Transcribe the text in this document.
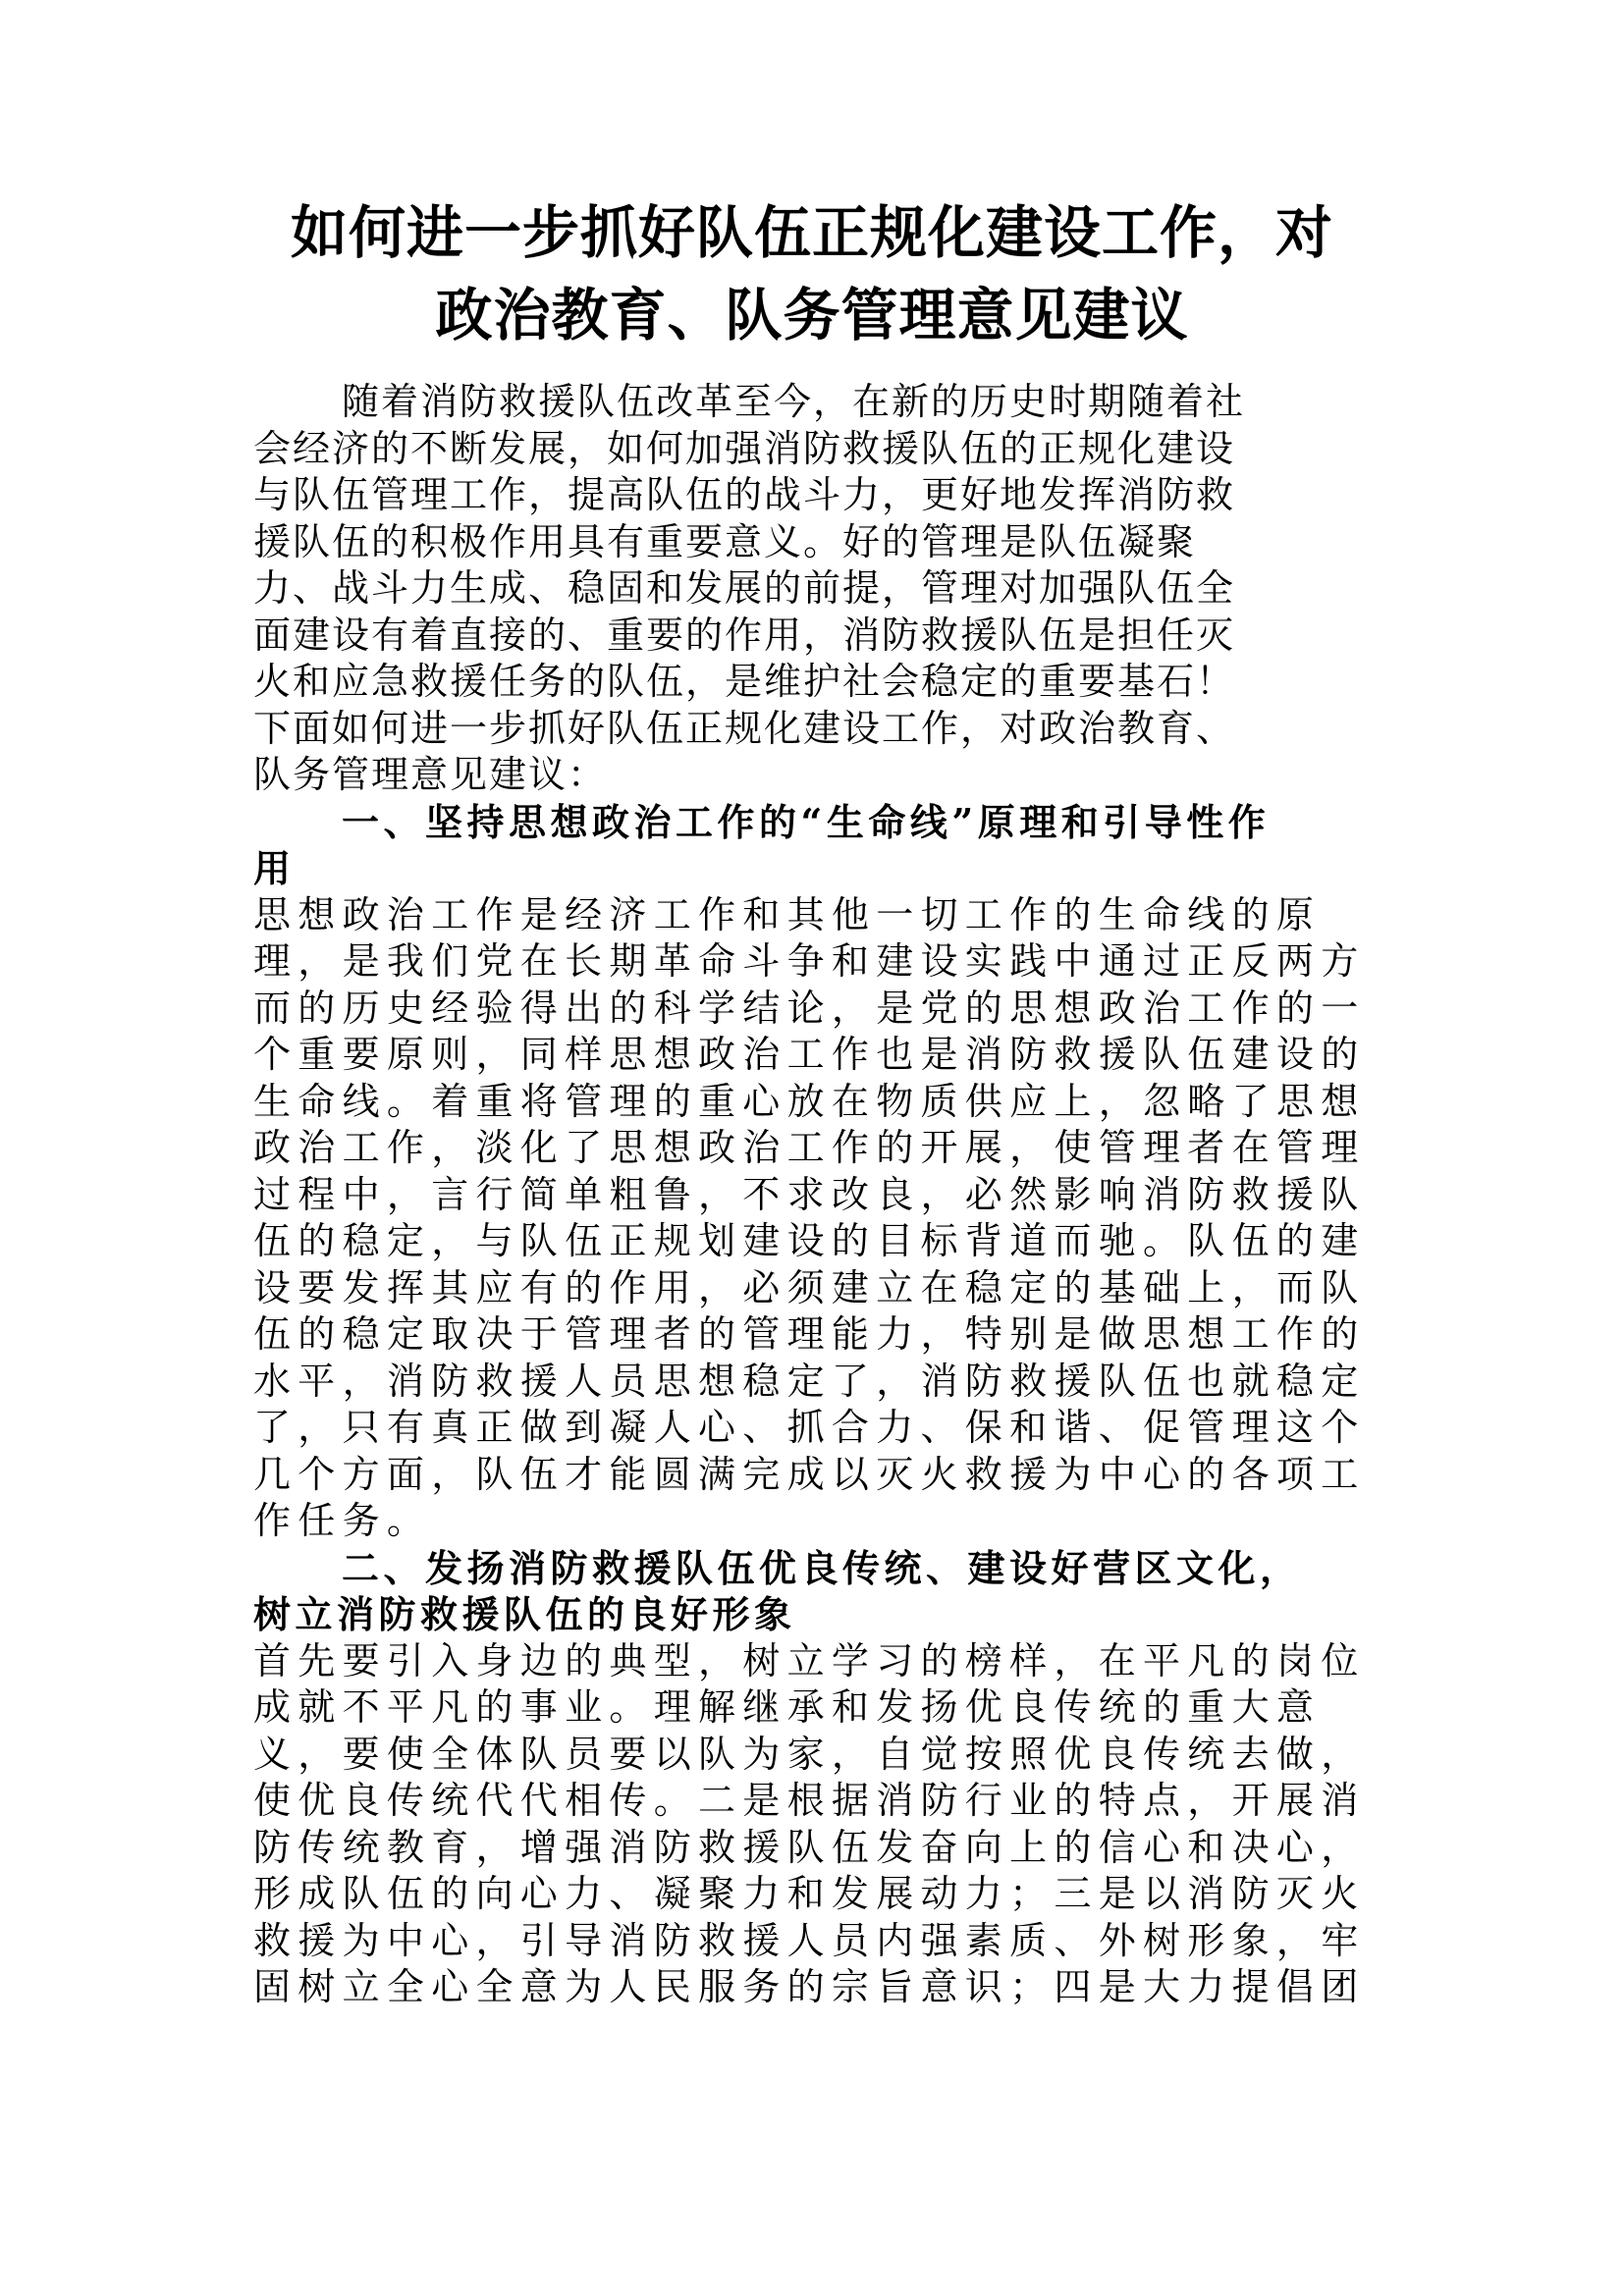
如何进一步抓好队伍正规化建设工作，对
政治教育、队务管理意见建议
随着消防救援队伍改革至今，在新的历史时期随着社
会经济的不断发展，如何加强消防救援队伍的正规化建设
与队伍管理工作，提高队伍的战斗力，更好地发挥消防救
援队伍的积极作用具有重要意义。好的管理是队伍凝聚
力、战斗力生成、稳固和发展的前提，管理对加强队伍全
面建设有着直接的、重要的作用，消防救援队伍是担任灭
火和应急救援任务的队伍，是维护社会稳定的重要基石！
下面如何进一步抓好队伍正规化建设工作，对政治教育、
队务管理意见建议：
一、坚持思想政治工作的“生命线”原理和引导性作
用
思想政治工作是经济工作和其他一切工作的生命线的原
理，是我们党在长期革命斗争和建设实践中通过正反两方
而的历史经验得出的科学结论，是党的思想政治工作的一
个重要原则，同样思想政治工作也是消防救援队伍建设的
生命线。着重将管理的重心放在物质供应上，忽略了思想
政治工作，淡化了思想政治工作的开展，使管理者在管理
过程中，言行简单粗鲁，不求改良，必然影响消防救援队
伍的稳定，与队伍正规划建设的目标背道而驰。队伍的建
设要发挥其应有的作用，必须建立在稳定的基础上，而队
伍的稳定取决于管理者的管理能力，特别是做思想工作的
水平，消防救援人员思想稳定了，消防救援队伍也就稳定
了，只有真正做到凝人心、抓合力、保和谐、促管理这个
几个方面，队伍才能圆满完成以灭火救援为中心的各项工
作任务。
二、发扬消防救援队伍优良传统、建设好营区文化，
树立消防救援队伍的良好形象
首先要引入身边的典型，树立学习的榜样，在平凡的岗位
成就不平凡的事业。理解继承和发扬优良传统的重大意
义，要使全体队员要以队为家，自觉按照优良传统去做，
使优良传统代代相传。二是根据消防行业的特点，开展消
防传统教育，增强消防救援队伍发奋向上的信心和决心，
形成队伍的向心力、凝聚力和发展动力；三是以消防灭火
救援为中心，引导消防救援人员内强素质、外树形象，牢
固树立全心全意为人民服务的宗旨意识；四是大力提倡团
